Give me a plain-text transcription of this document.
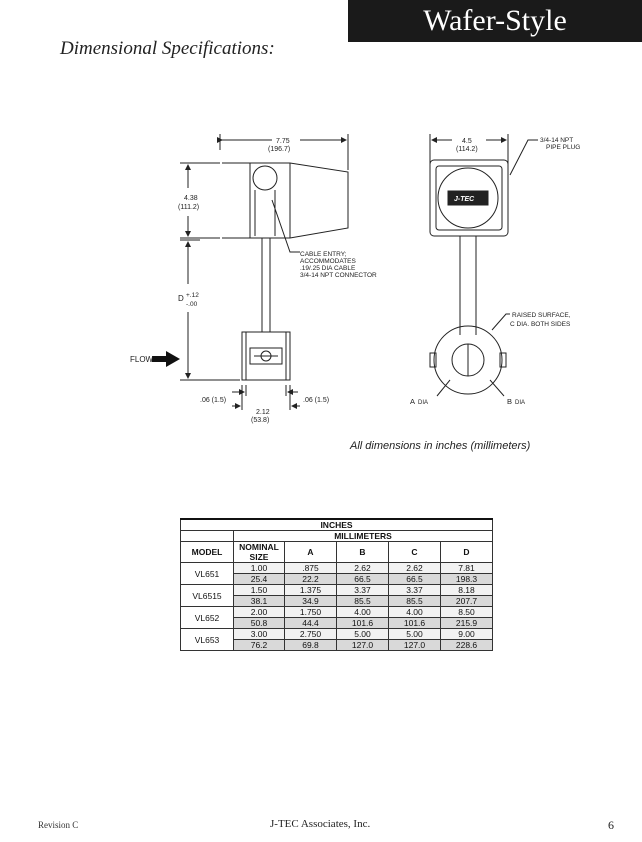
Wafer-Style
Dimensional Specifications:
7.75
(196.7)
4.38
(111.2)
D +.12
-.00
CABLE ENTRY;
ACCOMMODATES
.19/.25 DIA CABLE
3/4-14 NPT CONNECTOR
FLOW
.06 (1.5)	.06 (1.5)
2.12
(53.8)
4.5
(114.2)
3/4-14 NPT
PIPE PLUG
J-TEC
RAISED SURFACE,
C DIA. BOTH SIDES
A DIA	B DIA
All dimensions in inches (millimeters)
INCHES					
	MILLIMETERS				
MODEL	NOMINAL	A	B	C	D
	SIZE				
VL651	1.00	.875	2.62	2.62	7.81
	25.4	22.2	66.5	66.5	198.3
VL6515	1.50	1.375	3.37	3.37	8.18
	38.1	34.9	85.5	85.5	207.7
VL652	2.00	1.750	4.00	4.00	8.50
	50.8	44.4	101.6	101.6	215.9
VL653	3.00	2.750	5.00	5.00	9.00
	76.2	69.8	127.0	127.0	228.6
Revision C	J-TEC Associates, Inc.	6
